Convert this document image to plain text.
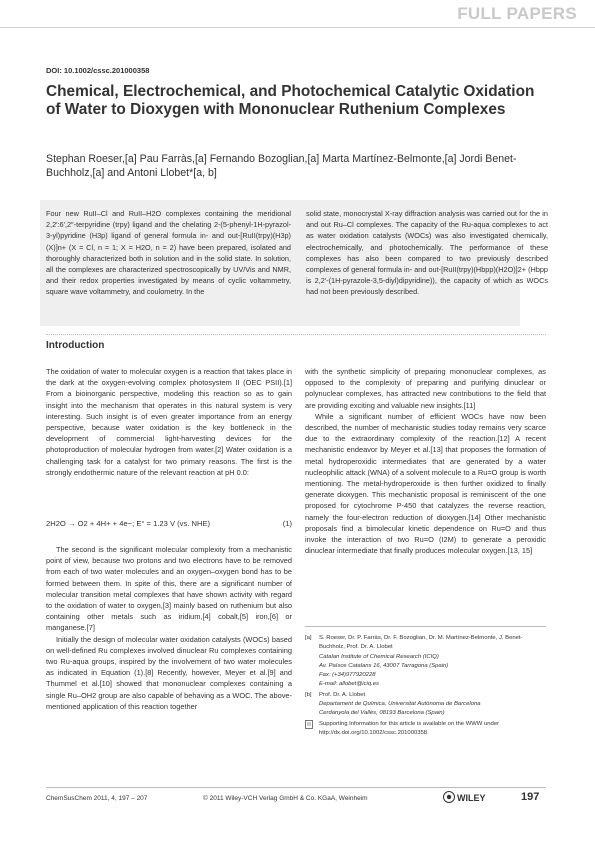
FULL PAPERS
DOI: 10.1002/cssc.201000358
Chemical, Electrochemical, and Photochemical Catalytic Oxidation of Water to Dioxygen with Mononuclear Ruthenium Complexes
Stephan Roeser,[a] Pau Farràs,[a] Fernando Bozoglian,[a] Marta Martínez-Belmonte,[a] Jordi Benet-Buchholz,[a] and Antoni Llobet*[a, b]
Four new RuII–Cl and RuII–H2O complexes containing the meridional 2,2′:6′,2″-terpyridine (trpy) ligand and the chelating 2-(5-phenyl-1H-pyrazol-3-yl)pyridine (H3p) ligand of general formula in- and out-[RuII(trpy)(H3p)(X)]n+ (X = Cl, n = 1; X = H2O, n = 2) have been prepared, isolated and thoroughly characterized both in solution and in the solid state. In solution, all the complexes are characterized spectroscopically by UV/Vis and NMR, and their redox properties investigated by means of cyclic voltammetry, square wave voltammetry, and coulometry. In the
solid state, monocrystal X-ray diffraction analysis was carried out for the in and out Ru–Cl complexes. The capacity of the Ru-aqua complexes to act as water oxidation catalysts (WOCs) was also investigated chemically, electrochemically, and photochemically. The performance of these complexes has also been compared to two previously described complexes of general formula in- and out-[RuII(trpy)(Hbpp)(H2O)]2+ (Hbpp is 2,2′-(1H-pyrazole-3,5-diyl)dipyridine)), the capacity of which as WOCs had not been previously described.
Introduction

The oxidation of water to molecular oxygen is a reaction that takes place in the dark at the oxygen-evolving complex photosystem II (OEC PSII).[1] From a bioinorganic perspective, modeling this reaction so as to gain insight into the mechanism that operates in this natural system is very interesting. Such insight is of even greater importance from an energy perspective, because water oxidation is the key bottleneck in the development of commercial light-harvesting devices for the photoproduction of molecular hydrogen from water.[2] Water oxidation is a challenging task for a catalyst for two primary reasons. The first is the strongly endothermic nature of the relevant reaction at pH 0.0:

2H2O → O2 + 4H+ + 4e−; E° = 1.23 V (vs. NHE)	(1)

The second is the significant molecular complexity from a mechanistic point of view, because two protons and two electrons have to be removed from each of two water molecules and an oxygen–oxygen bond has to be formed between them. In spite of this, there are a significant number of molecular transition metal complexes that have shown activity with regard to the oxidation of water to oxygen,[3] mainly based on ruthenium but also containing other metals such as iridium,[4] cobalt,[5] iron,[6] or manganese.[7]

Initially the design of molecular water oxidation catalysts (WOCs) based on well-defined Ru complexes involved dinuclear Ru complexes containing two Ru-aqua groups, inspired by the involvement of two water molecules as indicated in Equation (1).[8] Recently, however, Meyer et al.[9] and Thummel et al.[10] showed that mononuclear complexes containing a single Ru–OH2 group are also capable of behaving as a WOC. The above-mentioned application of this reaction together

with the synthetic simplicity of preparing mononuclear complexes, as opposed to the complexity of preparing and purifying dinuclear or polynuclear complexes, has attracted new contributions to the field that are providing exciting and valuable new insights.[11]

While a significant number of efficient WOCs have now been described, the number of mechanistic studies today remains very scarce due to the extraordinary complexity of the reaction.[12] A recent mechanistic endeavor by Meyer et al.[13] that proposes the formation of metal hydroperoxidic intermediates that are generated by a water nucleophilic attack (WNA) of a solvent molecule to a Ru=O group is worth mentioning. The metal-hydroperoxide is then further oxidized to finally generate dioxygen. This mechanistic proposal is reminiscent of the one proposed for cytochrome P-450 that catalyzes the reverse reaction, namely the four-electron reduction of dioxygen.[14] Other mechanistic proposals find a bimolecular kinetic dependence on Ru=O and thus invoke the interaction of two Ru=O (I2M) to generate a peroxidic dinuclear intermediate that finally produces molecular oxygen.[13, 15]

[a]	S. Roeser, Dr. P. Farràs, Dr. F. Bozoglian, Dr. M. Martínez-Belmonte, J. Benet-Buchholz, Prof. Dr. A. Llobet
Catalan Institute of Chemical Research (ICIQ)
Av. Països Catalans 16, 43007 Tarragona (Spain)
Fax: (+34)977920228
E-mail: allobet@iciq.es
[b]	Prof. Dr. A. Llobet
Departament de Química, Universitat Autònoma de Barcelona
Cerdanyola del Vallès, 08193 Barcelona (Spain)
Supporting Information for this article is available on the WWW under http://dx.doi.org/10.1002/cssc.201000358.
ChemSusChem 2011, 4, 197 – 207	© 2011 Wiley-VCH Verlag GmbH & Co. KGaA, Weinheim	WILEY	197
